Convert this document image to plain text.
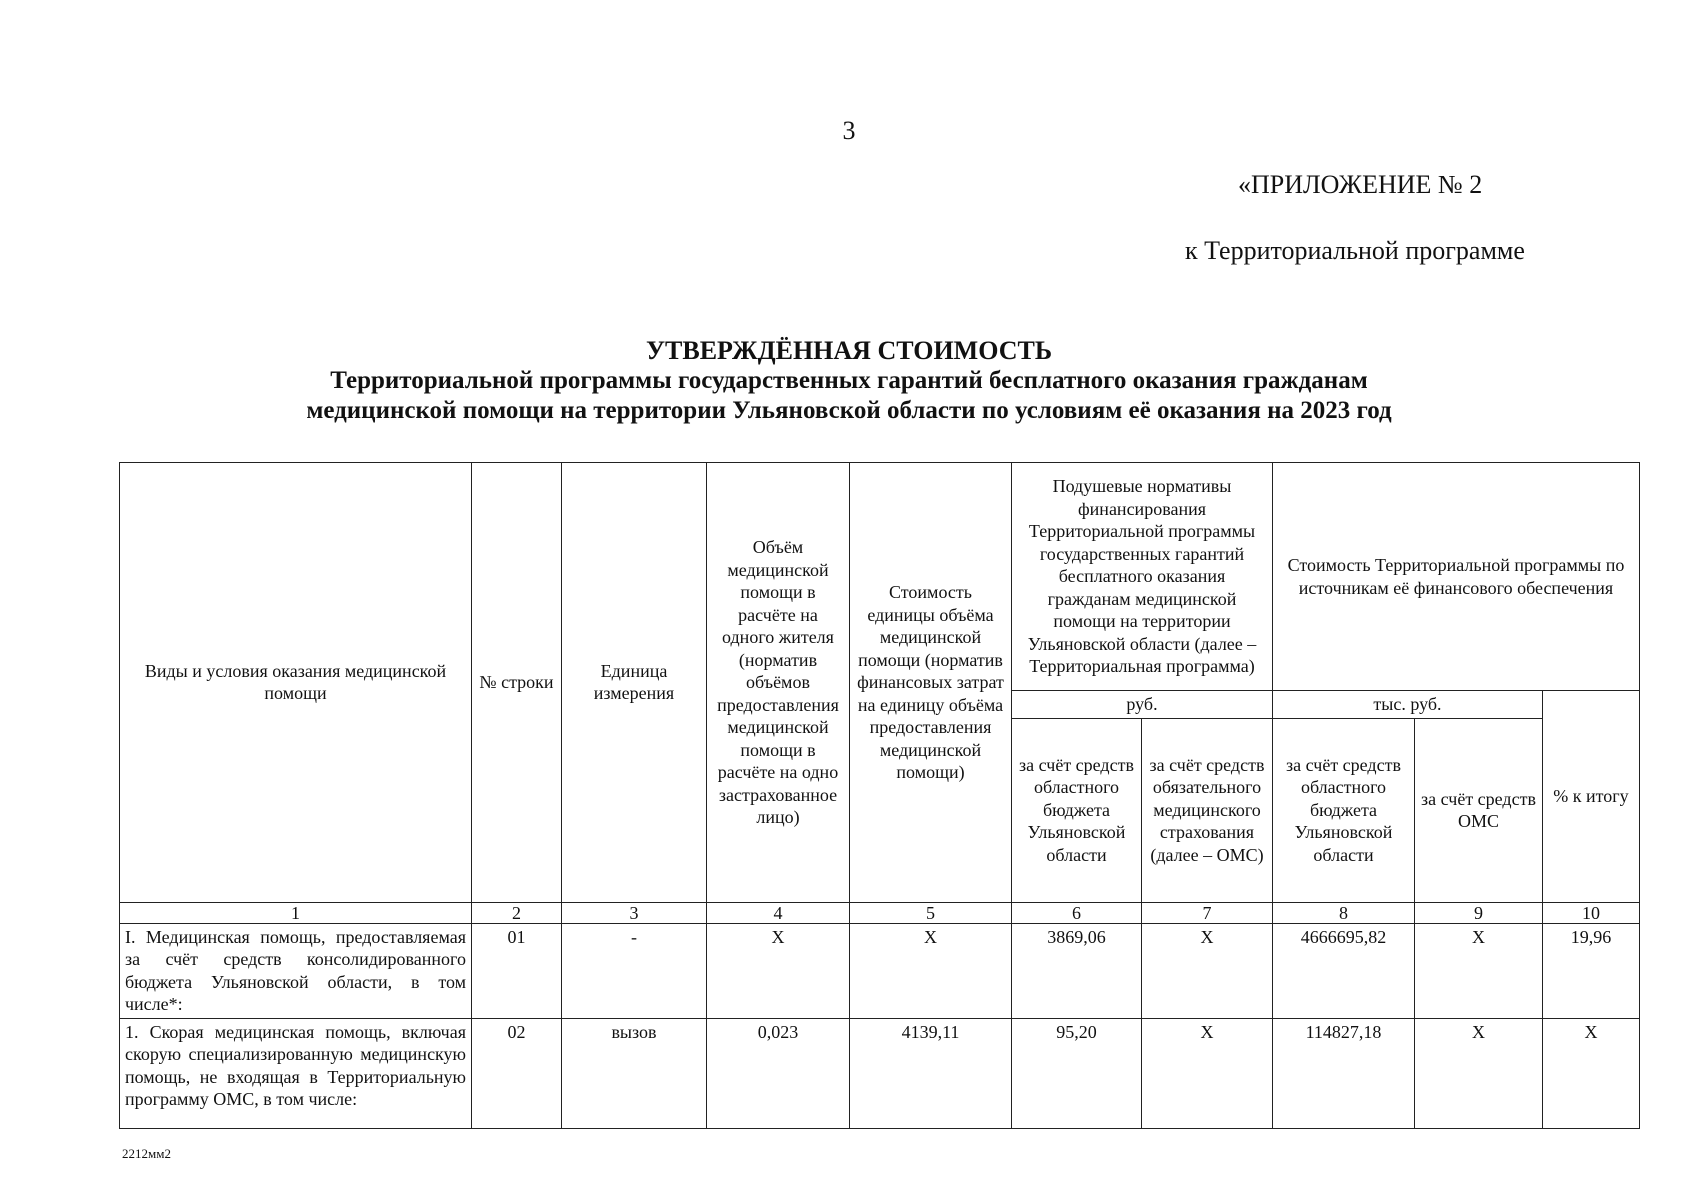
3
«ПРИЛОЖЕНИЕ № 2
к Территориальной программе
УТВЕРЖДЁННАЯ СТОИМОСТЬ
Территориальной программы государственных гарантий бесплатного оказания гражданам
медицинской помощи на территории Ульяновской области по условиям её оказания на 2023 год
Виды и условия оказания медицинской помощи	№ строки	Единица измерения	Объём медицинской помощи в расчёте на одного жителя (норматив объёмов предоставления медицинской помощи в расчёте на одно застрахованное лицо)	Стоимость единицы объёма медицинской помощи (норматив финансовых затрат на единицу объёма предоставления медицинской помощи)	Подушевые нормативы финансирования Территориальной программы государственных гарантий бесплатного оказания гражданам медицинской помощи на территории Ульяновской области (далее – Территориальная программа)		Стоимость Территориальной программы по источникам её финансового обеспечения		
					руб.		тыс. руб.		% к итогу
					за счёт средств областного бюджета Ульяновской области	за счёт средств обязательного медицинского страхования (далее – ОМС)	за счёт средств областного бюджета Ульяновской области	за счёт средств ОМС	
1	2	3	4	5	6	7	8	9	10
I. Медицинская помощь, предоставляемая за счёт средств консолидированного бюджета Ульяновской области, в том числе*:	01	-	Х	Х	3869,06	Х	4666695,82	Х	19,96
1. Скорая медицинская помощь, включая скорую специализированную медицинскую помощь, не входящая в Территориальную программу ОМС, в том числе:	02	вызов	0,023	4139,11	95,20	Х	114827,18	Х	Х
2212мм2
